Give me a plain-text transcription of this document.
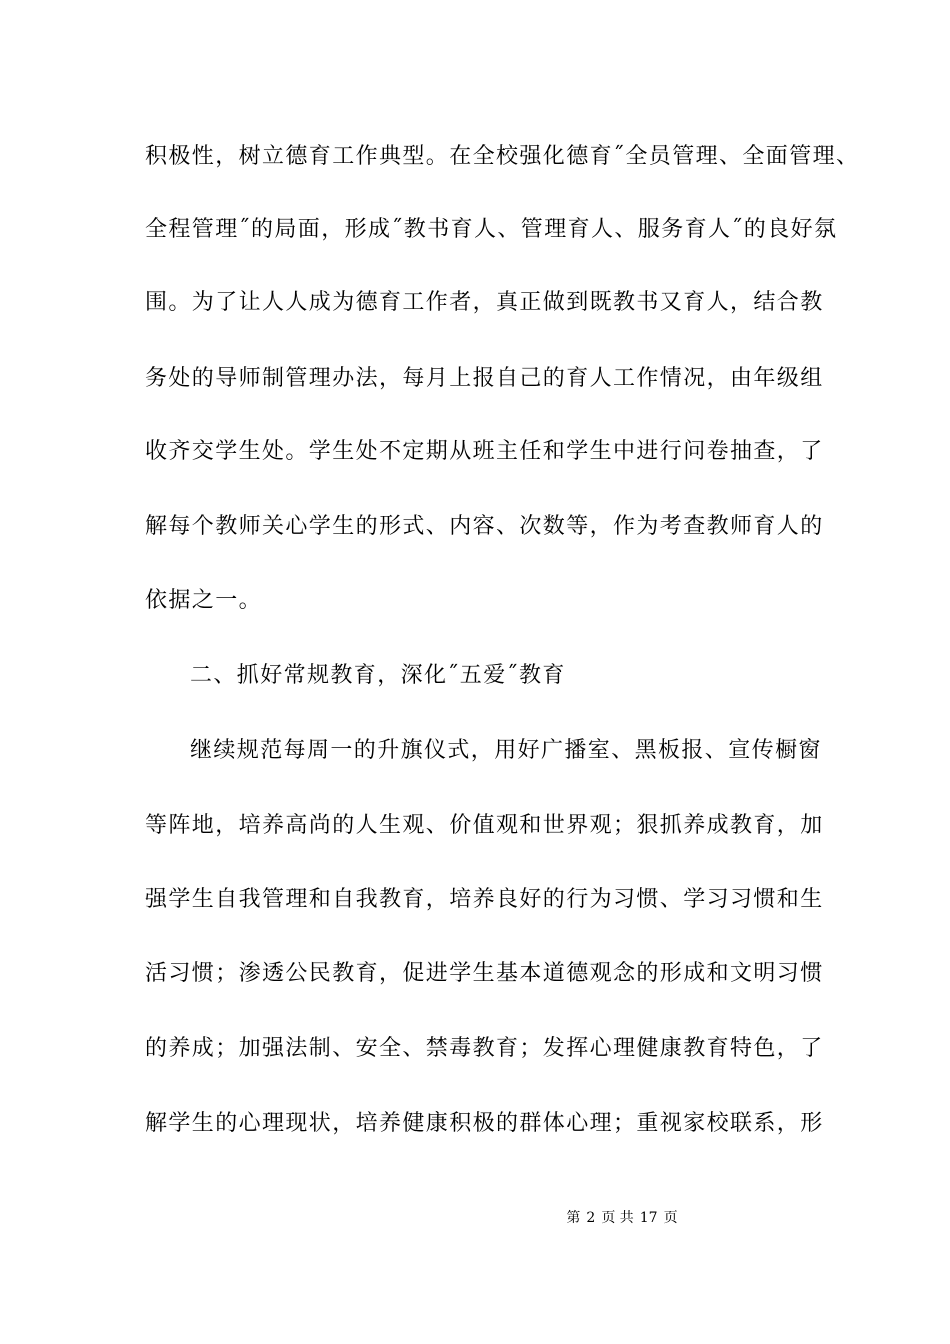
积极性，树立德育工作典型。在全校强化德育˝全员管理、全面管理、
全程管理˝的局面，形成˝教书育人、管理育人、服务育人˝的良好氛
围。为了让人人成为德育工作者，真正做到既教书又育人，结合教
务处的导师制管理办法，每月上报自己的育人工作情况，由年级组
收齐交学生处。学生处不定期从班主任和学生中进行问卷抽查，了
解每个教师关心学生的形式、内容、次数等，作为考查教师育人的
依据之一。
二、抓好常规教育，深化˝五爱˝教育
继续规范每周一的升旗仪式，用好广播室、黑板报、宣传橱窗
等阵地，培养高尚的人生观、价值观和世界观；狠抓养成教育，加
强学生自我管理和自我教育，培养良好的行为习惯、学习习惯和生
活习惯；渗透公民教育，促进学生基本道德观念的形成和文明习惯
的养成；加强法制、安全、禁毒教育；发挥心理健康教育特色，了
解学生的心理现状，培养健康积极的群体心理；重视家校联系，形
第 2 页 共 17 页
